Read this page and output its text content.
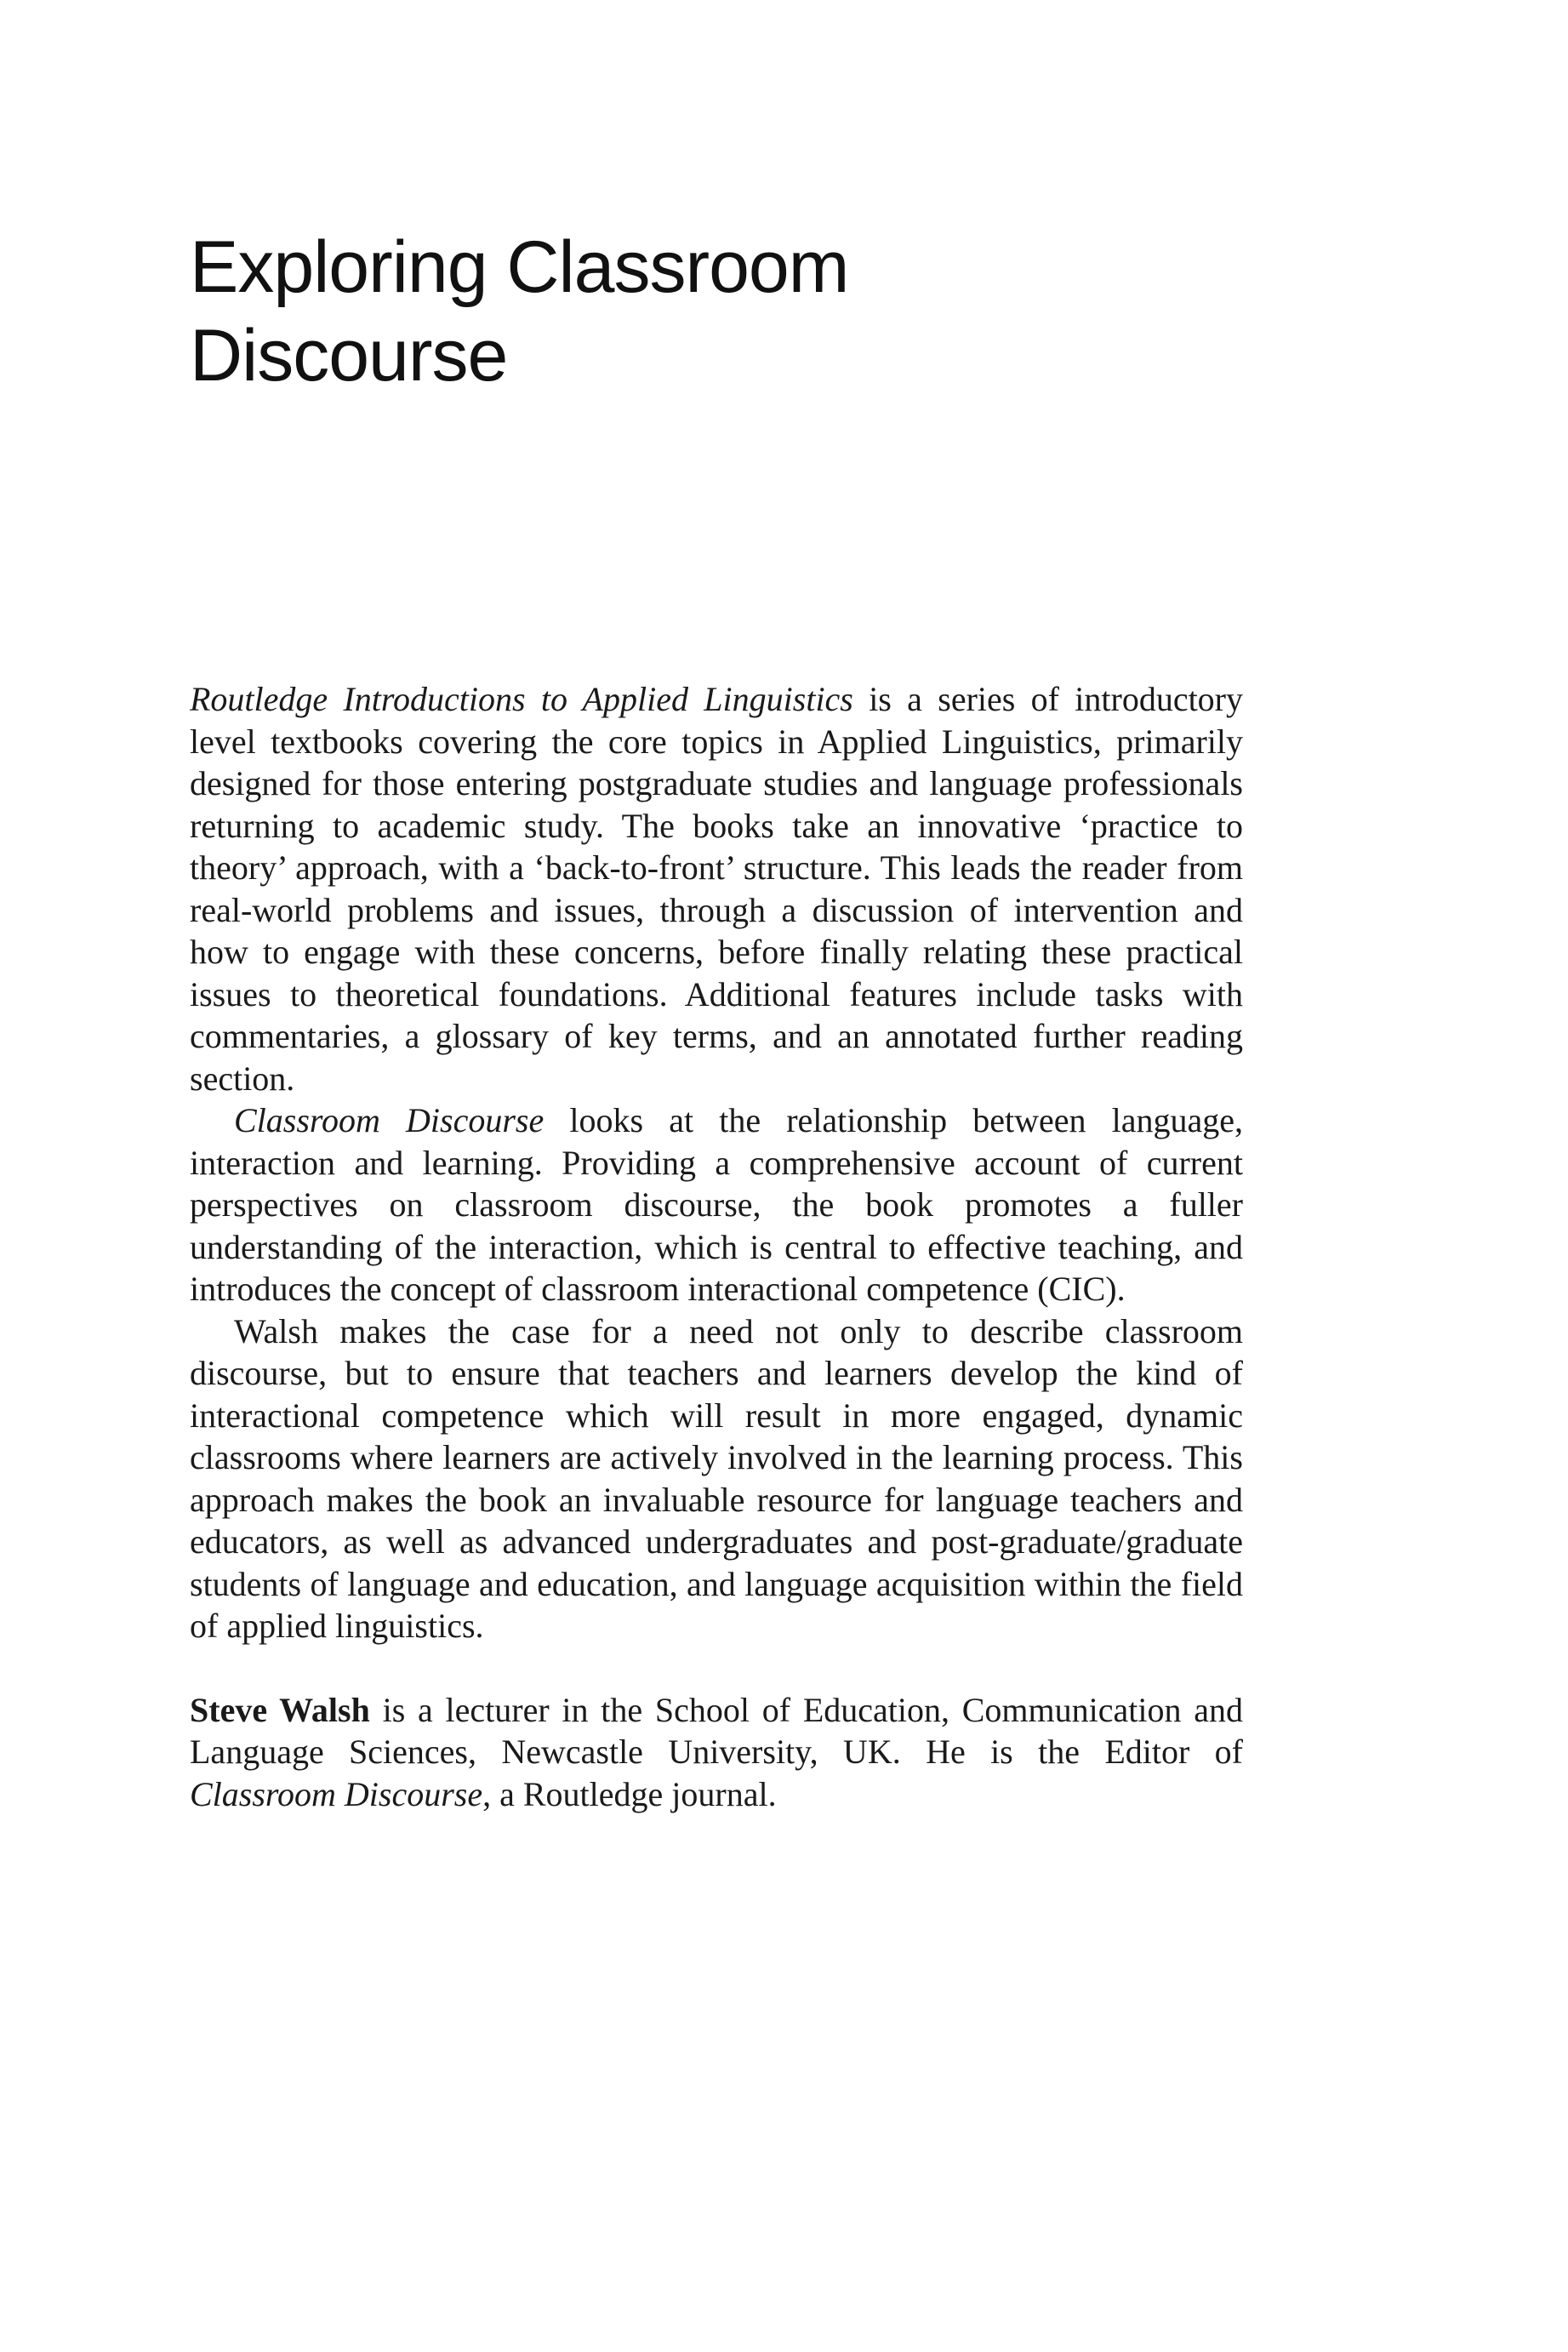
Exploring Classroom
Discourse

Routledge Introductions to Applied Linguistics is a series of introductory level textbooks covering the core topics in Applied Linguistics, primarily designed for those entering postgraduate studies and language professionals returning to academic study. The books take an innovative ‘practice to theory’ approach, with a ‘back-to-front’ structure. This leads the reader from real-world problems and issues, through a discussion of intervention and how to engage with these concerns, before finally relating these practical issues to theoretical foundations. Additional features include tasks with commentaries, a glossary of key terms, and an annotated further reading section.

Classroom Discourse looks at the relationship between language, interaction and learning. Providing a comprehensive account of current perspectives on classroom discourse, the book promotes a fuller understanding of the interaction, which is central to effective teaching, and introduces the concept of classroom interactional competence (CIC).

Walsh makes the case for a need not only to describe classroom discourse, but to ensure that teachers and learners develop the kind of interactional competence which will result in more engaged, dynamic classrooms where learners are actively involved in the learning process. This approach makes the book an invaluable resource for language teachers and educators, as well as advanced undergraduates and post-graduate/graduate students of language and education, and language acquisition within the field of applied linguistics.

Steve Walsh is a lecturer in the School of Education, Communication and Language Sciences, Newcastle University, UK. He is the Editor of Classroom Discourse, a Routledge journal.
